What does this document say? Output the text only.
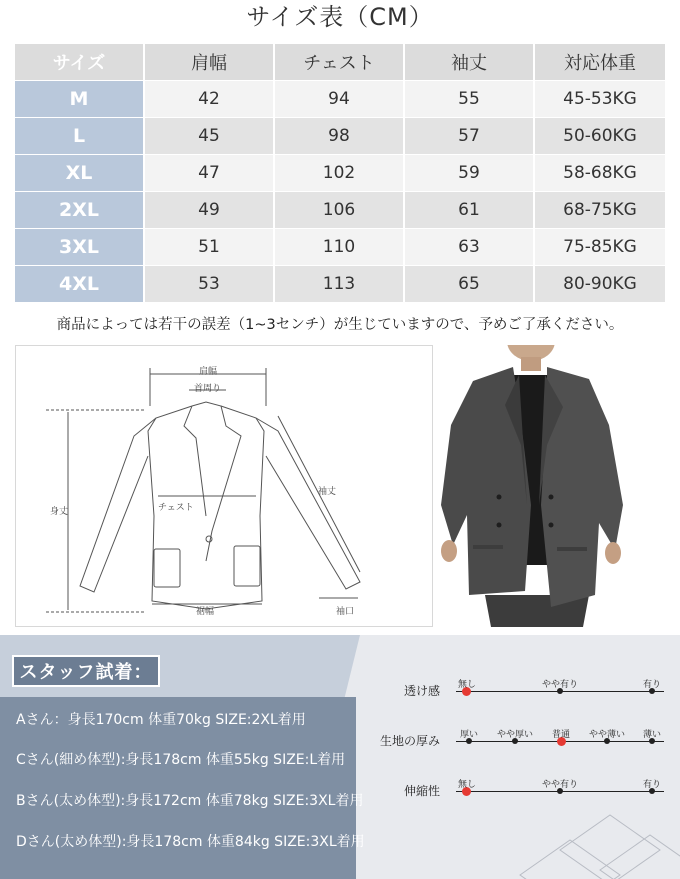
サイズ表（CM）
サイズ	肩幅	チェスト	袖丈	対応体重
M	42	94	55	45-53KG
L	45	98	57	50-60KG
XL	47	102	59	58-68KG
2XL	49	106	61	68-75KG
3XL	51	110	63	75-85KG
4XL	53	113	65	80-90KG
商品によっては若干の誤差（1~3センチ）が生じていますので、予めご了承ください。
肩幅
首周り
身丈
袖丈
チェスト
裾幅	袖口
スタッフ試着：
Aさん：身長170cm 体重70kg SIZE:2XL着用
Cさん(細め体型):身長178cm 体重55kg SIZE:L着用
Bさん(太め体型):身長172cm 体重78kg SIZE:3XL着用
Dさん(太め体型):身長178cm 体重84kg SIZE:3XL着用
透け感 無し	やや有り	有り
生地の厚み 厚い やや厚い 普通 やや薄い 薄い
伸縮性 無し	やや有り	有り
